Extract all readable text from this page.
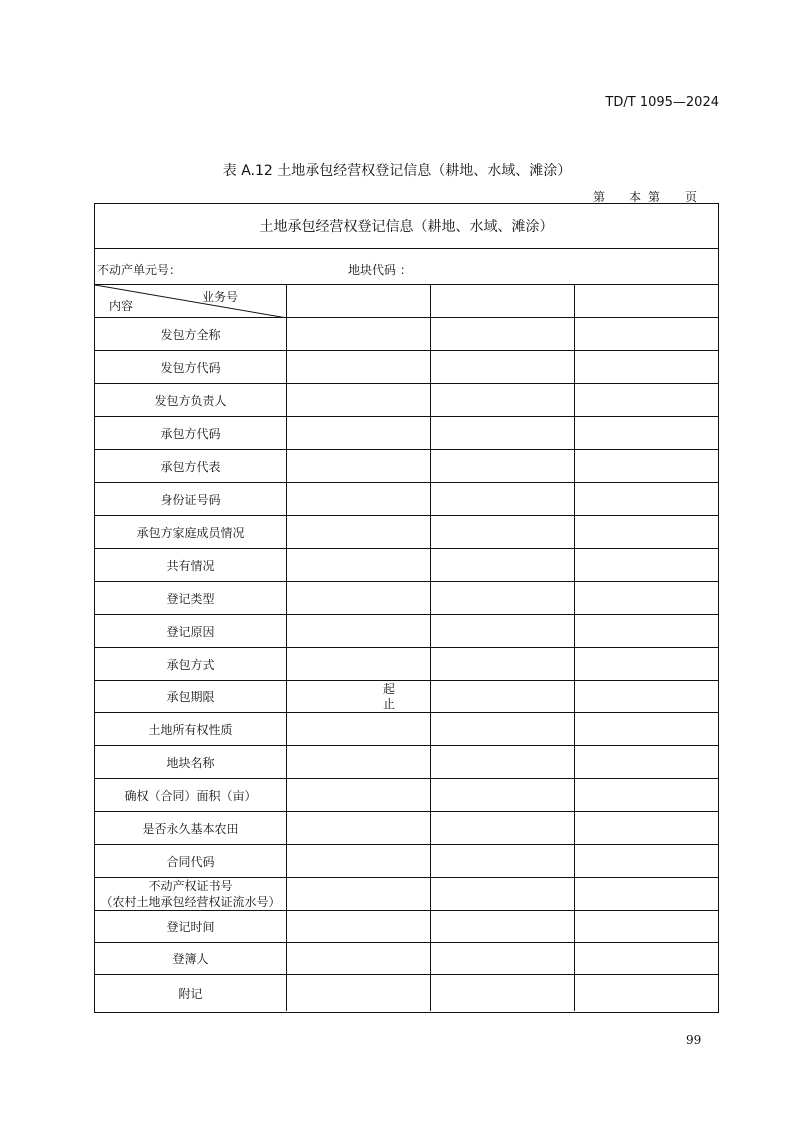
TD/T 1095—2024
表 A.12 土地承包经营权登记信息（耕地、水域、滩涂）
第 本 第 页
土地承包经营权登记信息（耕地、水域、滩涂）
不动产单元号：	地块代码 ：
业务号
内容
发包方全称
发包方代码
发包方负责人
承包方代码
承包方代表
身份证号码
承包方家庭成员情况
共有情况
登记类型
登记原因
承包方式
承包期限
起
止
土地所有权性质
地块名称
确权（合同）面积（亩）
是否永久基本农田
合同代码
不动产权证书号
（农村土地承包经营权证流水号）
登记时间
登簿人
附记
99
